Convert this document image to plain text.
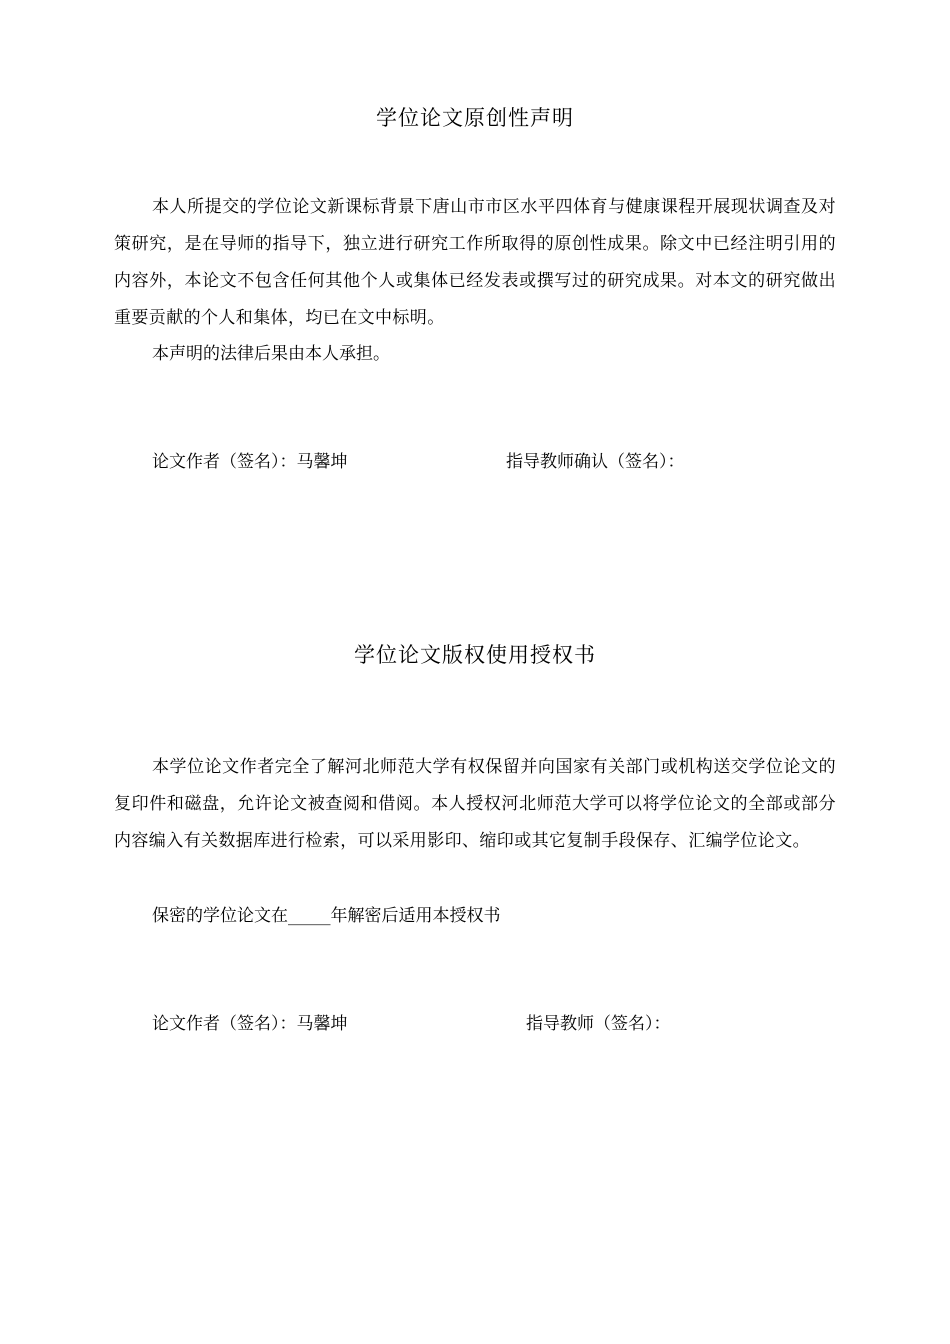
学位论文原创性声明

本人所提交的学位论文新课标背景下唐山市市区水平四体育与健康课程开展现状调查及对策研究，是在导师的指导下，独立进行研究工作所取得的原创性成果。除文中已经注明引用的内容外，本论文不包含任何其他个人或集体已经发表或撰写过的研究成果。对本文的研究做出重要贡献的个人和集体，均已在文中标明。

本声明的法律后果由本人承担。
论文作者（签名）：马馨坤	指导教师确认（签名）：
学位论文版权使用授权书

本学位论文作者完全了解河北师范大学有权保留并向国家有关部门或机构送交学位论文的复印件和磁盘，允许论文被查阅和借阅。本人授权河北师范大学可以将学位论文的全部或部分内容编入有关数据库进行检索，可以采用影印、缩印或其它复制手段保存、汇编学位论文。

保密的学位论文在_____年解密后适用本授权书
论文作者（签名）：马馨坤	指导教师（签名）：
